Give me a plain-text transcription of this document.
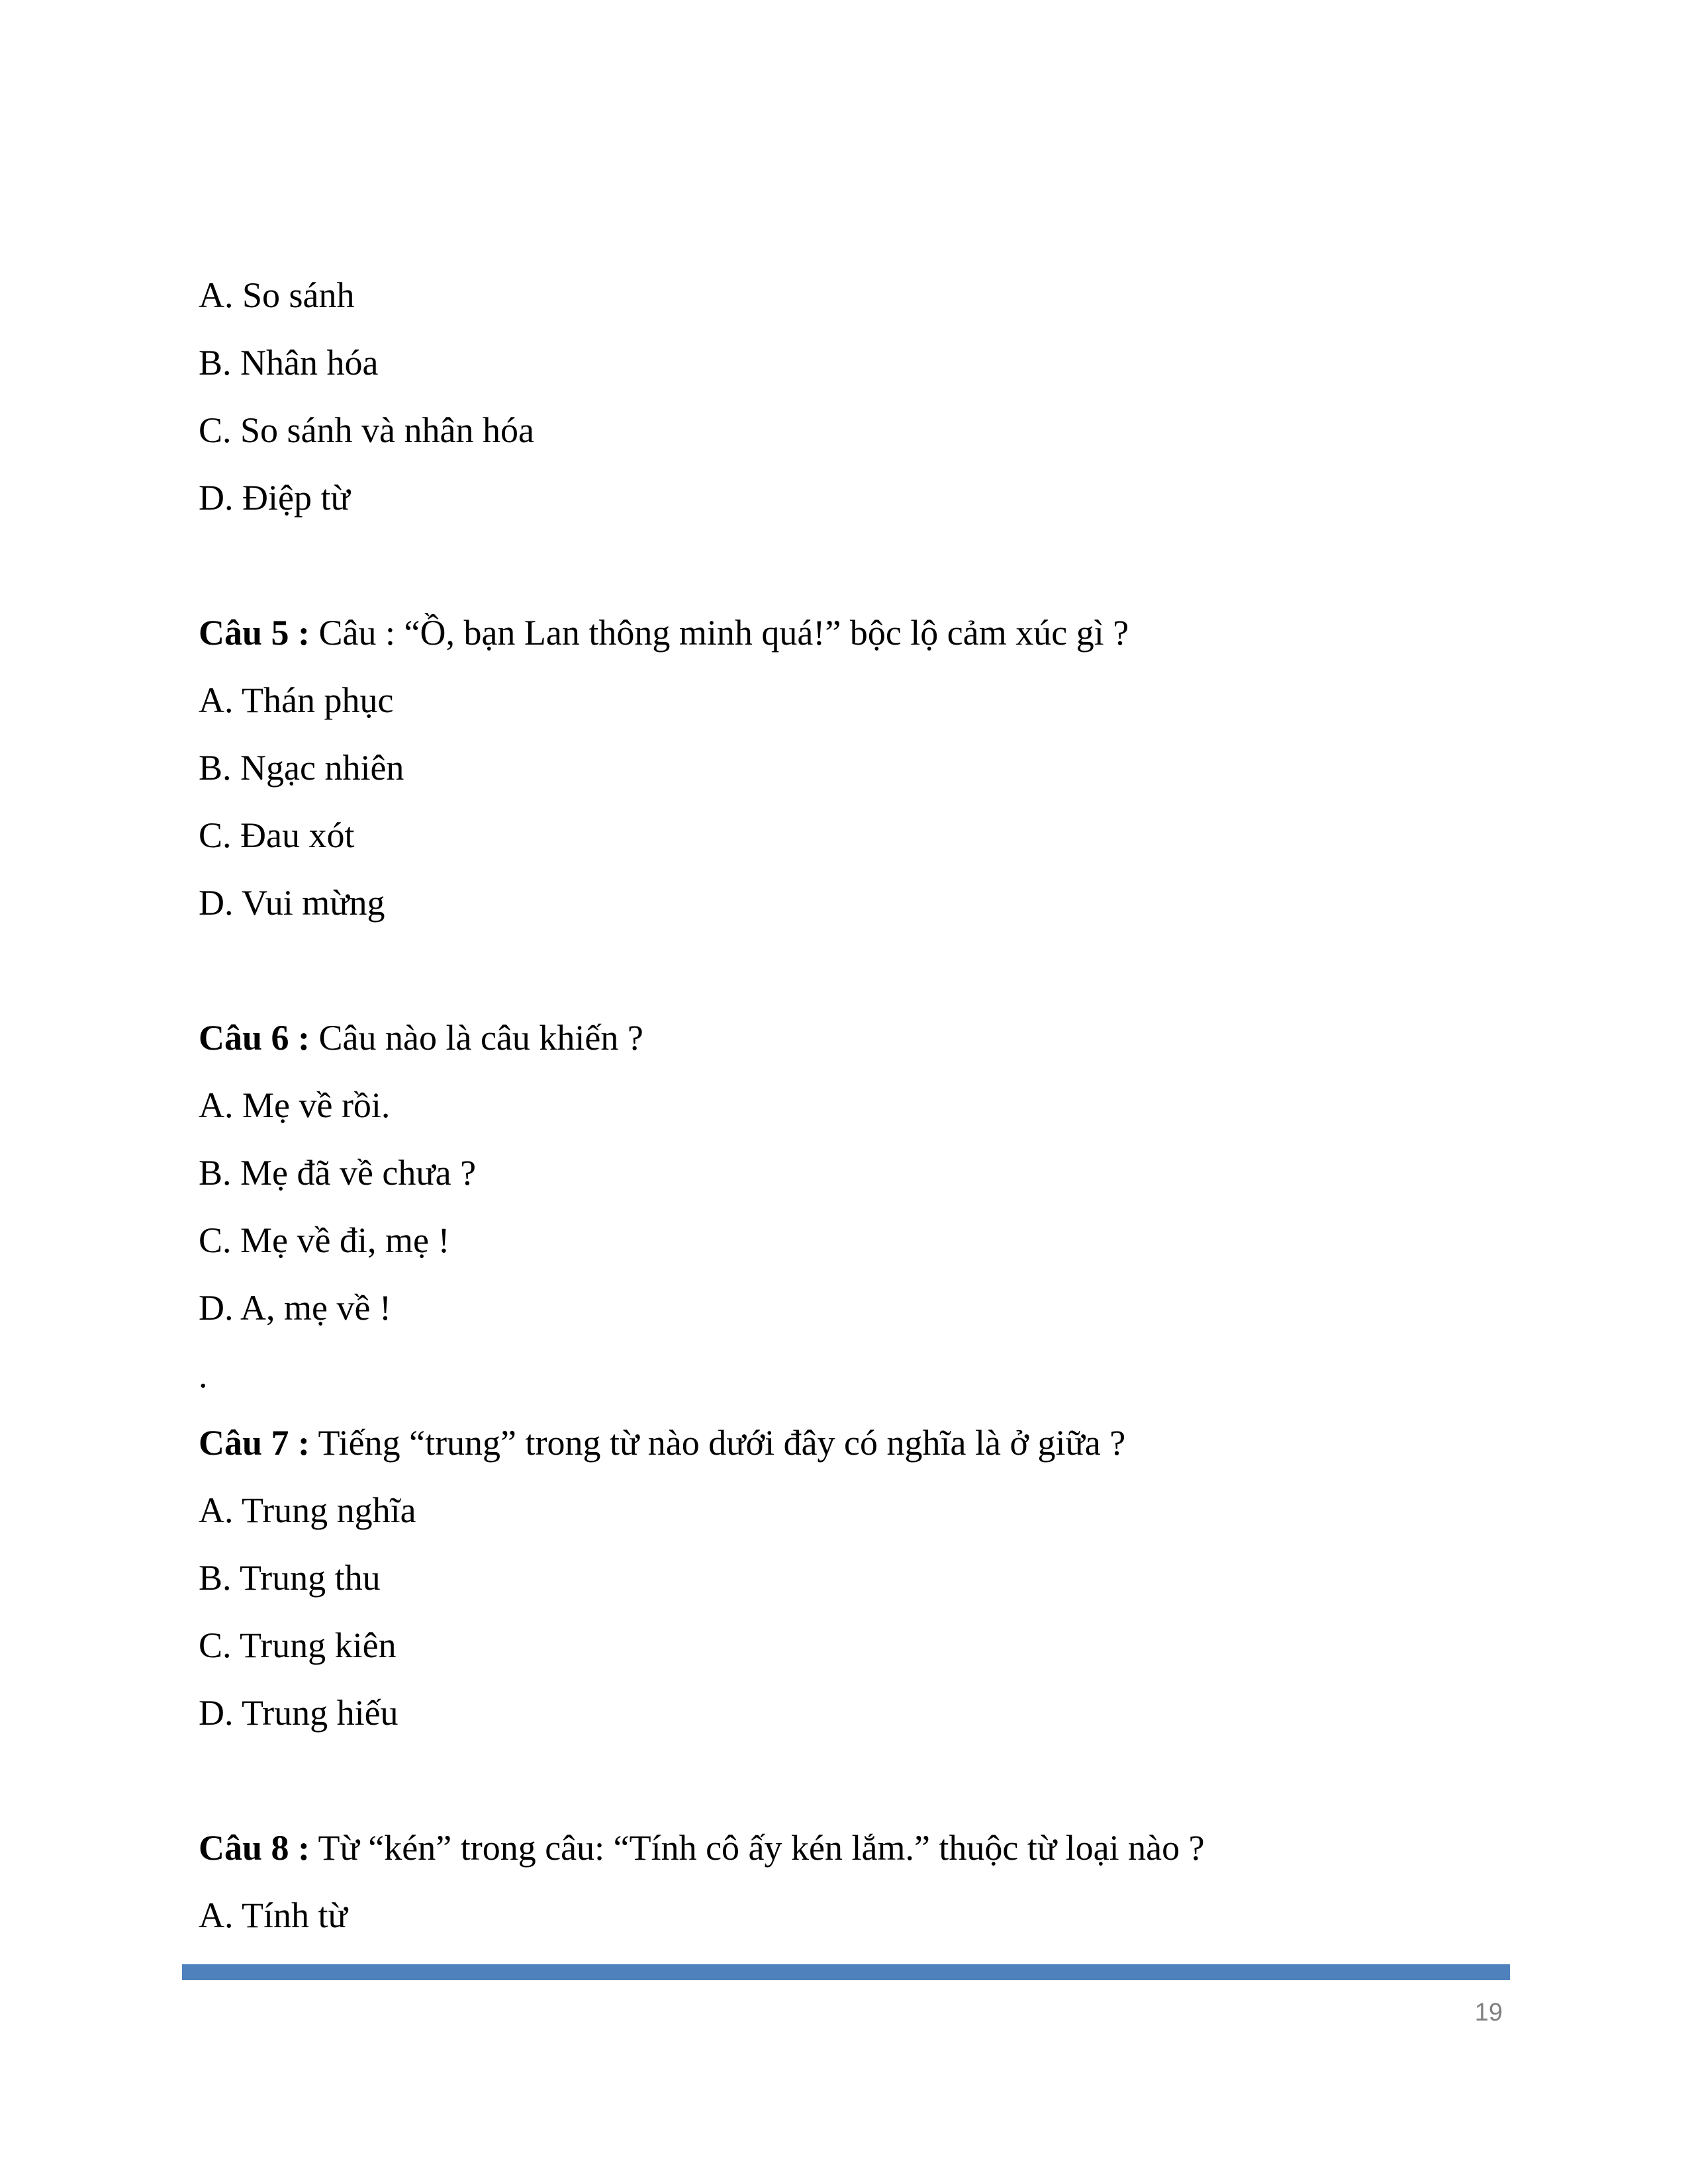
A. So sánh
B. Nhân hóa
C. So sánh và nhân hóa
D. Điệp từ
Câu 5 : Câu : “Ồ, bạn Lan thông minh quá!” bộc lộ cảm xúc gì ?
A. Thán phục
B. Ngạc nhiên
C. Đau xót
D. Vui mừng
Câu 6 : Câu nào là câu khiến ?
A. Mẹ về rồi.
B. Mẹ đã về chưa ?
C. Mẹ về đi, mẹ !
D. A, mẹ về !
.
Câu 7 : Tiếng “trung” trong từ nào dưới đây có nghĩa là ở giữa ?
A. Trung nghĩa
B. Trung thu
C. Trung kiên
D. Trung hiếu
Câu 8 : Từ “kén” trong câu: “Tính cô ấy kén lắm.” thuộc từ loại nào ?
A. Tính từ
19
